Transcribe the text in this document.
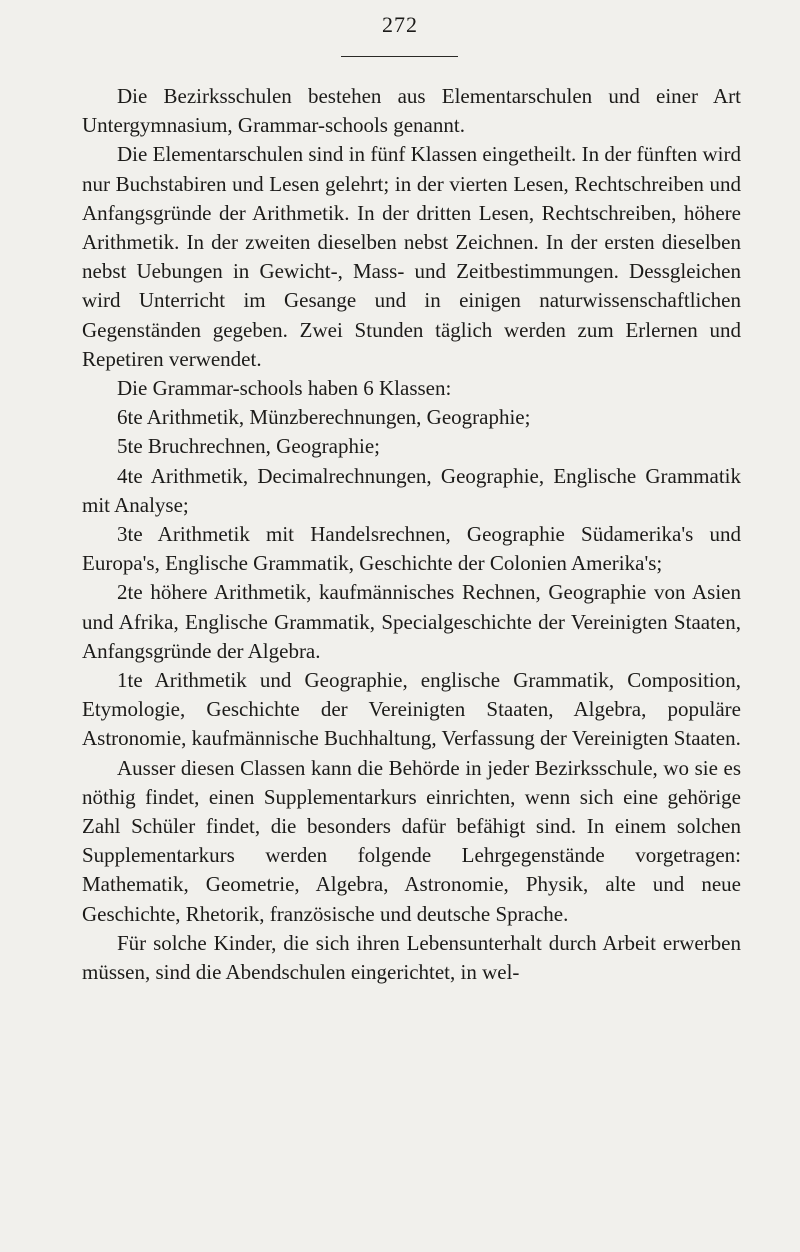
272

Die Bezirksschulen bestehen aus Elementarschulen und einer Art Untergymnasium, Grammar-schools genannt.

Die Elementarschulen sind in fünf Klassen eingetheilt. In der fünften wird nur Buchstabiren und Lesen gelehrt; in der vierten Lesen, Rechtschreiben und Anfangsgründe der Arithmetik. In der dritten Lesen, Rechtschreiben, höhere Arithmetik. In der zweiten dieselben nebst Zeichnen. In der ersten dieselben nebst Uebungen in Gewicht-, Mass- und Zeitbestimmungen. Dessgleichen wird Unterricht im Gesange und in einigen naturwissenschaftlichen Gegenständen gegeben. Zwei Stunden täglich werden zum Erlernen und Repetiren verwendet.

Die Grammar-schools haben 6 Klassen:

6te Arithmetik, Münzberechnungen, Geographie;

5te Bruchrechnen, Geographie;

4te Arithmetik, Decimalrechnungen, Geographie, Englische Grammatik mit Analyse;

3te Arithmetik mit Handelsrechnen, Geographie Südamerika's und Europa's, Englische Grammatik, Geschichte der Colonien Amerika's;

2te höhere Arithmetik, kaufmännisches Rechnen, Geographie von Asien und Afrika, Englische Grammatik, Specialgeschichte der Vereinigten Staaten, Anfangsgründe der Algebra.

1te Arithmetik und Geographie, englische Grammatik, Composition, Etymologie, Geschichte der Vereinigten Staaten, Algebra, populäre Astronomie, kaufmännische Buchhaltung, Verfassung der Vereinigten Staaten.

Ausser diesen Classen kann die Behörde in jeder Bezirksschule, wo sie es nöthig findet, einen Supplementarkurs einrichten, wenn sich eine gehörige Zahl Schüler findet, die besonders dafür befähigt sind. In einem solchen Supplementarkurs werden folgende Lehrgegenstände vorgetragen: Mathematik, Geometrie, Algebra, Astronomie, Physik, alte und neue Geschichte, Rhetorik, französische und deutsche Sprache.

Für solche Kinder, die sich ihren Lebensunterhalt durch Arbeit erwerben müssen, sind die Abendschulen eingerichtet, in wel-
